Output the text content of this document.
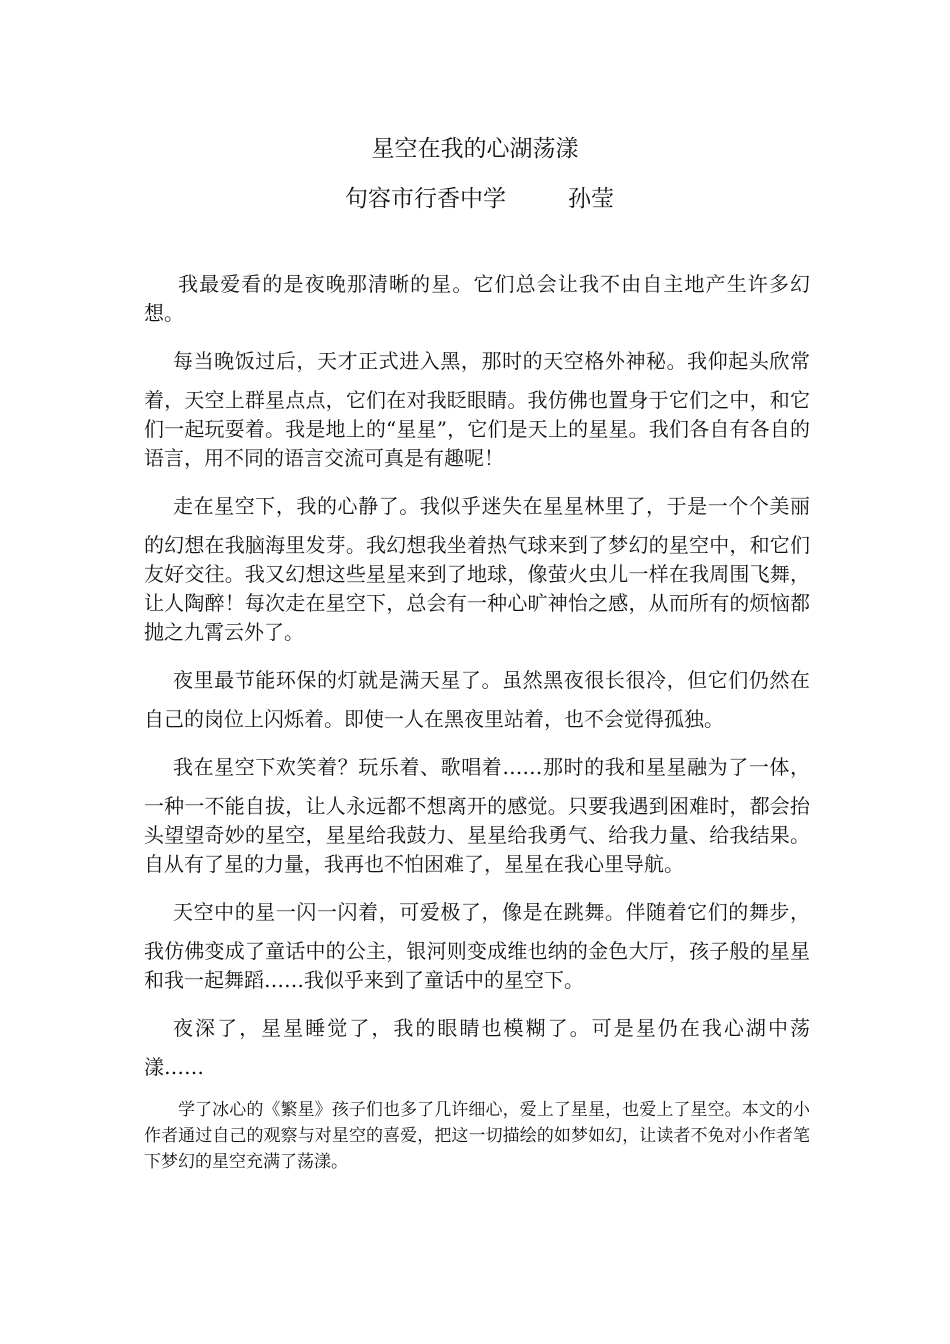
星空在我的心湖荡漾
句容市行香中学	孙莹

我最爱看的是夜晚那清晰的星。它们总会让我不由自主地产生许多幻想。

每当晚饭过后，天才正式进入黑，那时的天空格外神秘。我仰起头欣常着，天空上群星点点，它们在对我眨眼睛。我仿佛也置身于它们之中，和它们一起玩耍着。我是地上的“星星”，它们是天上的星星。我们各自有各自的语言，用不同的语言交流可真是有趣呢！

走在星空下，我的心静了。我似乎迷失在星星林里了，于是一个个美丽的幻想在我脑海里发芽。我幻想我坐着热气球来到了梦幻的星空中，和它们友好交往。我又幻想这些星星来到了地球，像萤火虫儿一样在我周围飞舞，让人陶醉！每次走在星空下，总会有一种心旷神怡之感，从而所有的烦恼都抛之九霄云外了。

夜里最节能环保的灯就是满天星了。虽然黑夜很长很冷，但它们仍然在自己的岗位上闪烁着。即使一人在黑夜里站着，也不会觉得孤独。

我在星空下欢笑着？玩乐着、歌唱着……那时的我和星星融为了一体，一种一不能自拔，让人永远都不想离开的感觉。只要我遇到困难时，都会抬头望望奇妙的星空，星星给我鼓力、星星给我勇气、给我力量、给我结果。自从有了星的力量，我再也不怕困难了，星星在我心里导航。

天空中的星一闪一闪着，可爱极了，像是在跳舞。伴随着它们的舞步，我仿佛变成了童话中的公主，银河则变成维也纳的金色大厅，孩子般的星星和我一起舞蹈……我似乎来到了童话中的星空下。

夜深了，星星睡觉了，我的眼睛也模糊了。可是星仍在我心湖中荡漾……

学了冰心的《繁星》孩子们也多了几许细心，爱上了星星，也爱上了星空。本文的小作者通过自己的观察与对星空的喜爱，把这一切描绘的如梦如幻，让读者不免对小作者笔下梦幻的星空充满了荡漾。
